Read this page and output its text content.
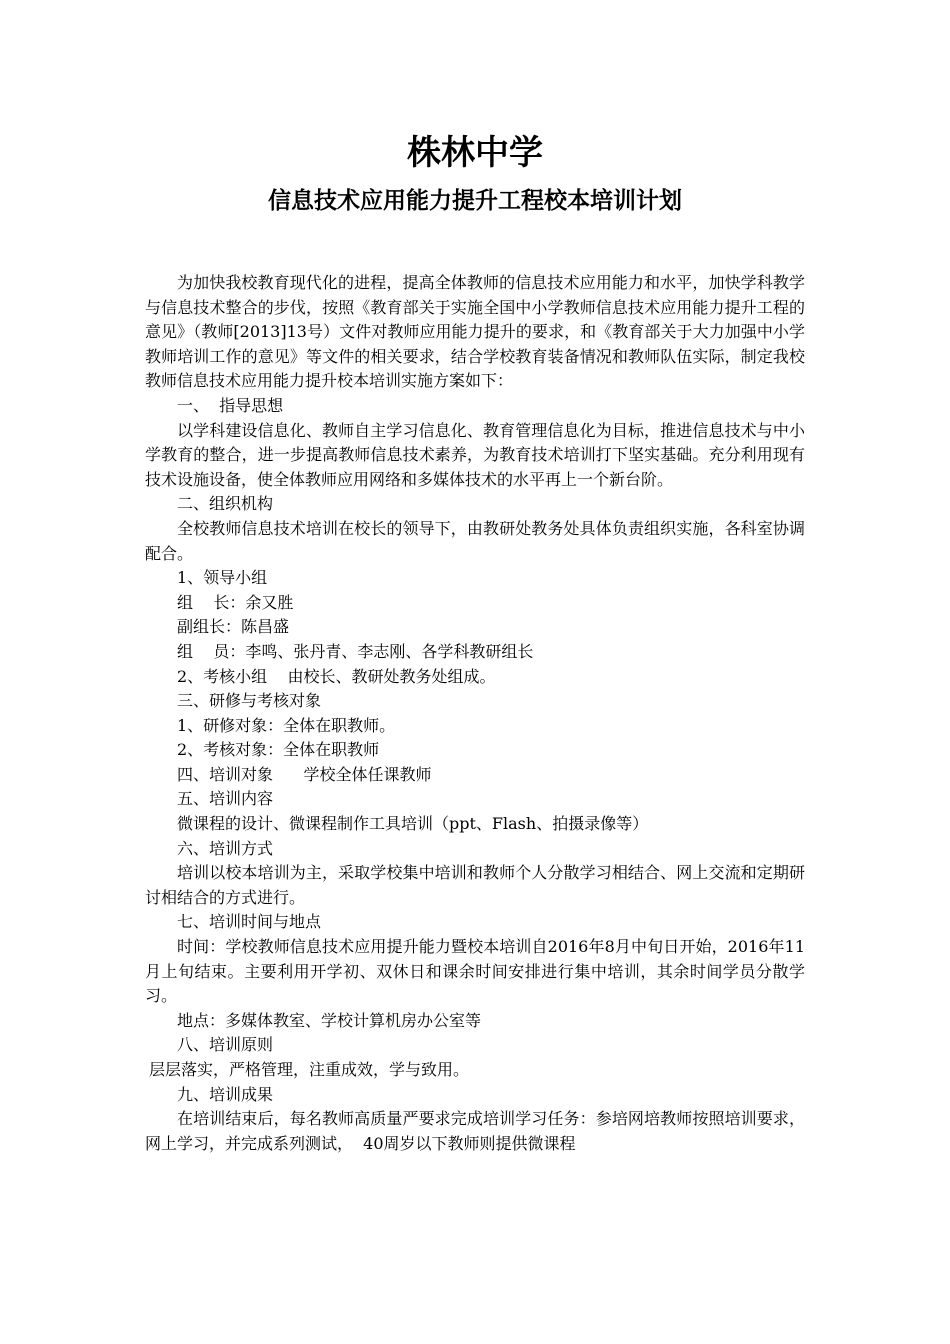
株林中学
信息技术应用能力提升工程校本培训计划

为加快我校教育现代化的进程，提高全体教师的信息技术应用能力和水平，加快学科教学与信息技术整合的步伐，按照《教育部关于实施全国中小学教师信息技术应用能力提升工程的意见》（教师[2013]13号）文件对教师应用能力提升的要求，和《教育部关于大力加强中小学教师培训工作的意见》等文件的相关要求，结合学校教育装备情况和教师队伍实际，制定我校教师信息技术应用能力提升校本培训实施方案如下：

一、  指导思想

以学科建设信息化、教师自主学习信息化、教育管理信息化为目标，推进信息技术与中小学教育的整合，进一步提高教师信息技术素养，为教育技术培训打下坚实基础。充分利用现有技术设施设备，使全体教师应用网络和多媒体技术的水平再上一个新台阶。

二、组织机构

全校教师信息技术培训在校长的领导下，由教研处教务处具体负责组织实施，各科室协调配合。

1、领导小组

组    长：余又胜

副组长：陈昌盛

组    员：李鸣、张丹青、李志刚、各学科教研组长

2、考核小组    由校长、教研处教务处组成。

三、研修与考核对象

1、研修对象：全体在职教师。

2、考核对象：全体在职教师

四、培训对象      学校全体任课教师

五、培训内容

微课程的设计、微课程制作工具培训（ppt、Flash、拍摄录像等）

六、培训方式

培训以校本培训为主，采取学校集中培训和教师个人分散学习相结合、网上交流和定期研讨相结合的方式进行。

七、培训时间与地点

时间：学校教师信息技术应用提升能力暨校本培训自2016年8月中旬日开始，2016年11月上旬结束。主要利用开学初、双休日和课余时间安排进行集中培训，其余时间学员分散学习。

地点：多媒体教室、学校计算机房办公室等

八、培训原则

层层落实，严格管理，注重成效，学与致用。

九、培训成果

在培训结束后，每名教师高质量严要求完成培训学习任务：参培网培教师按照培训要求，网上学习，并完成系列测试，  40周岁以下教师则提供微课程
